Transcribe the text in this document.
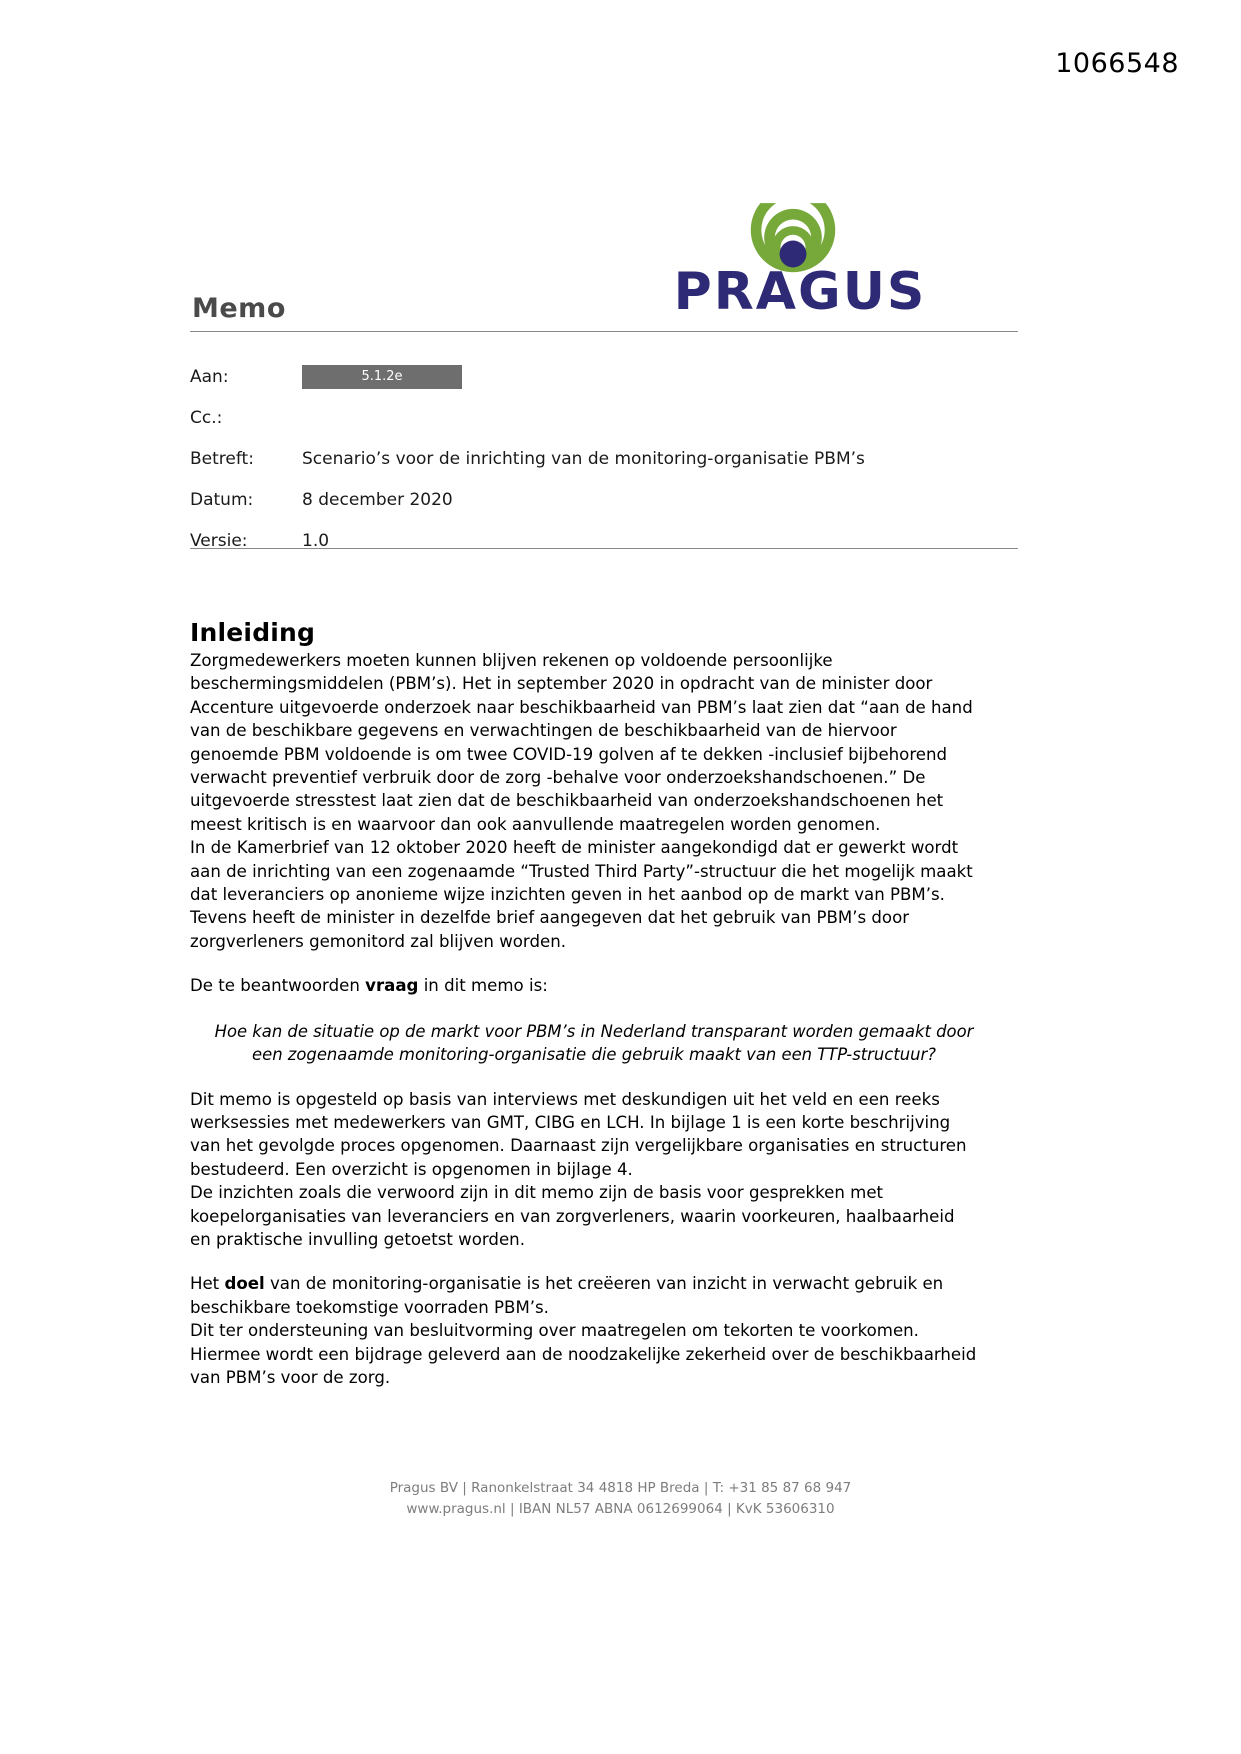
1066548
PRAGUS
Memo
Aan:	5.1.2e
Cc.:
Betreft:	Scenario’s voor de inrichting van de monitoring-organisatie PBM’s
Datum:	8 december 2020
Versie:	1.0
Inleiding

Zorgmedewerkers moeten kunnen blijven rekenen op voldoende persoonlijke beschermingsmiddelen (PBM’s). Het in september 2020 in opdracht van de minister door Accenture uitgevoerde onderzoek naar beschikbaarheid van PBM’s laat zien dat “aan de hand van de beschikbare gegevens en verwachtingen de beschikbaarheid van de hiervoor genoemde PBM voldoende is om twee COVID-19 golven af te dekken -inclusief bijbehorend verwacht preventief verbruik door de zorg -behalve voor onderzoekshandschoenen.” De uitgevoerde stresstest laat zien dat de beschikbaarheid van onderzoekshandschoenen het meest kritisch is en waarvoor dan ook aanvullende maatregelen worden genomen.

In de Kamerbrief van 12 oktober 2020 heeft de minister aangekondigd dat er gewerkt wordt aan de inrichting van een zogenaamde “Trusted Third Party”-structuur die het mogelijk maakt dat leveranciers op anonieme wijze inzichten geven in het aanbod op de markt van PBM’s. Tevens heeft de minister in dezelfde brief aangegeven dat het gebruik van PBM’s door zorgverleners gemonitord zal blijven worden.

De te beantwoorden vraag in dit memo is:

Hoe kan de situatie op de markt voor PBM’s in Nederland transparant worden gemaakt door
een zogenaamde monitoring-organisatie die gebruik maakt van een TTP-structuur?

Dit memo is opgesteld op basis van interviews met deskundigen uit het veld en een reeks werksessies met medewerkers van GMT, CIBG en LCH. In bijlage 1 is een korte beschrijving van het gevolgde proces opgenomen. Daarnaast zijn vergelijkbare organisaties en structuren bestudeerd. Een overzicht is opgenomen in bijlage 4.

De inzichten zoals die verwoord zijn in dit memo zijn de basis voor gesprekken met koepelorganisaties van leveranciers en van zorgverleners, waarin voorkeuren, haalbaarheid en praktische invulling getoetst worden.

Het doel van de monitoring-organisatie is het creëeren van inzicht in verwacht gebruik en beschikbare toekomstige voorraden PBM’s.

Dit ter ondersteuning van besluitvorming over maatregelen om tekorten te voorkomen. Hiermee wordt een bijdrage geleverd aan de noodzakelijke zekerheid over de beschikbaarheid van PBM’s voor de zorg.

Pragus BV | Ranonkelstraat 34 4818 HP Breda | T: +31 85 87 68 947
www.pragus.nl | IBAN NL57 ABNA 0612699064 | KvK 53606310
